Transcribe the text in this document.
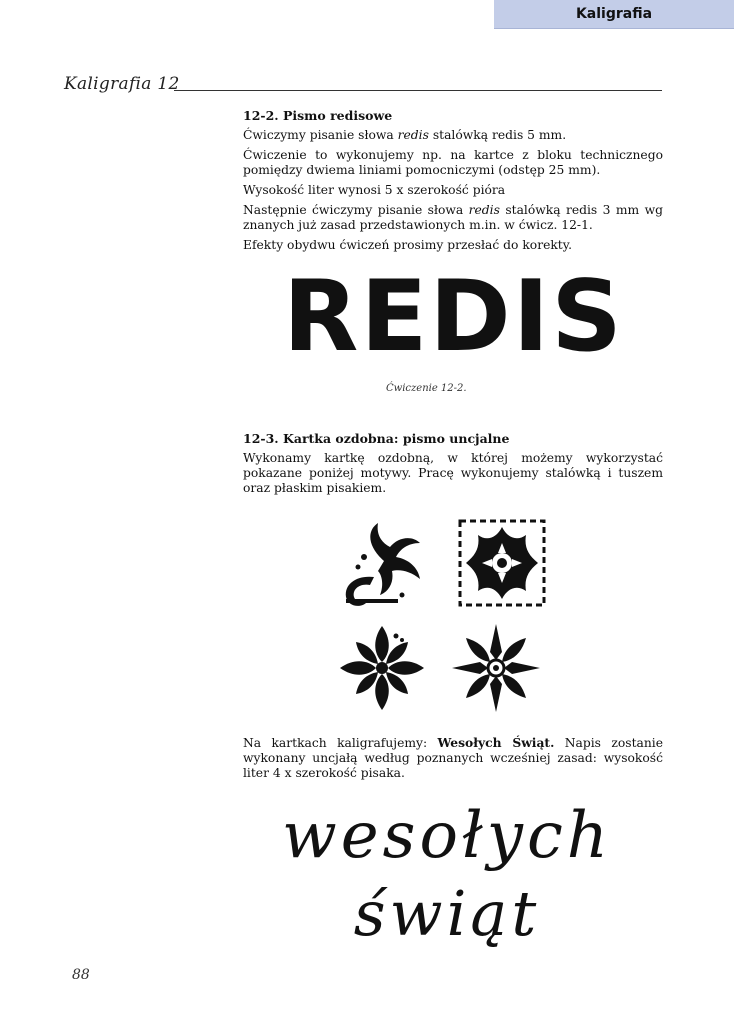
Kaligrafia
Kaligrafia 12

12-2. Pismo redisowe

Ćwiczymy pisanie słowa redis stalówką redis 5 mm.

Ćwiczenie to wykonujemy np. na kartce z bloku technicznego pomiędzy dwiema liniami pomocniczymi (odstęp 25 mm).

Wysokość liter wynosi 5 x szerokość pióra

Następnie ćwiczymy pisanie słowa redis stalówką redis 3 mm wg znanych już zasad przedstawionych m.in. w ćwicz. 12-1.

Efekty obydwu ćwiczeń prosimy przesłać do korekty.

REDIS
Ćwiczenie 12-2.

12-3. Kartka ozdobna: pismo uncjalne

Wykonamy kartkę ozdobną, w której możemy wykorzystać pokazane poniżej motywy. Pracę wykonujemy stalówką i tuszem oraz płaskim pisakiem.

Na kartkach kaligrafujemy: Wesołych Świąt. Napis zostanie wykonany uncjałą według poznanych wcześniej zasad: wysokość liter 4 x szerokość pisaka.

wesołych
świąt
88
